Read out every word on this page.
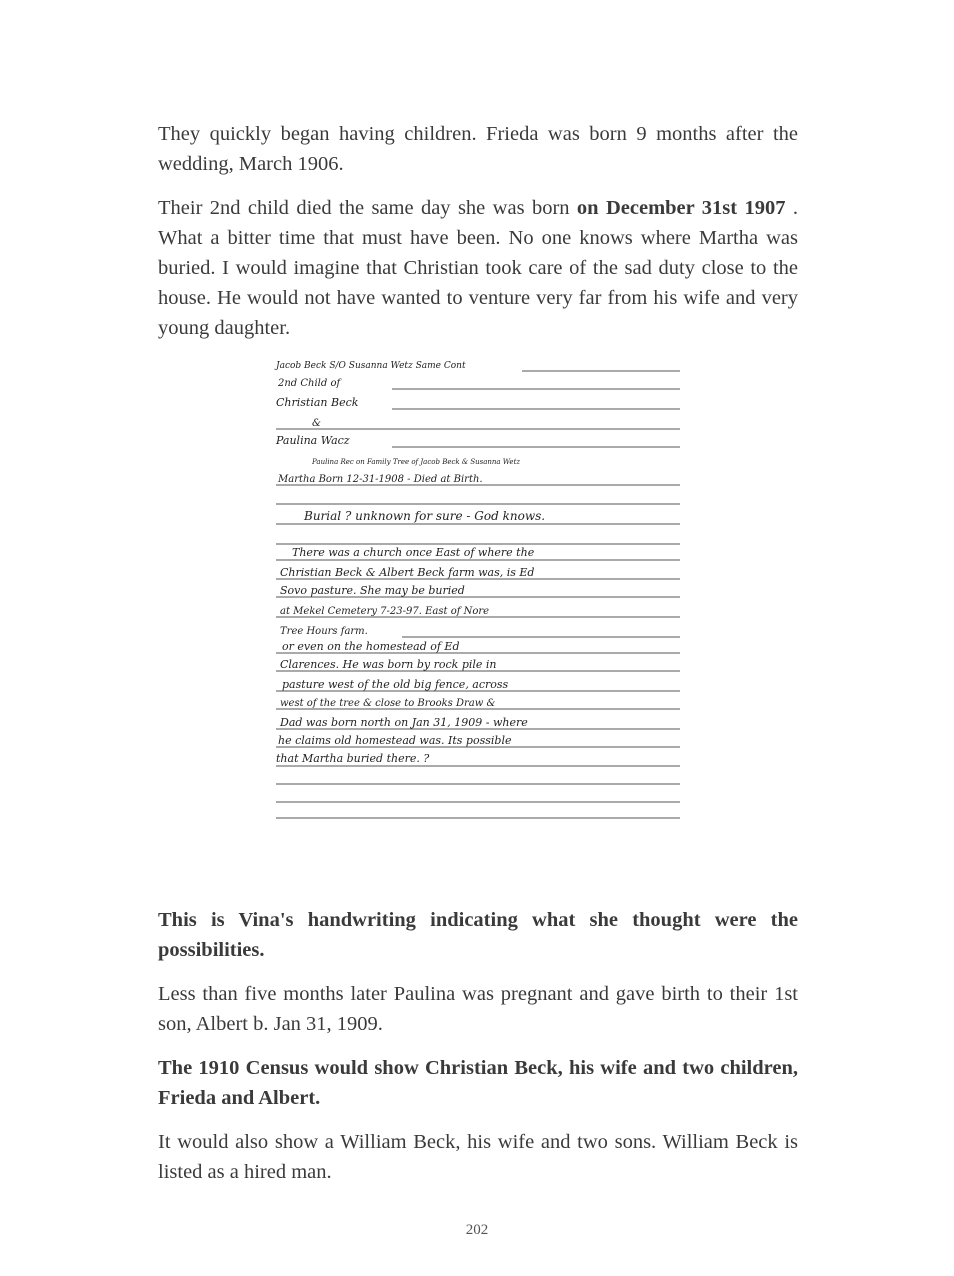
They quickly began having children. Frieda was born 9 months after the wedding, March 1906.

Their 2nd child died the same day she was born on December 31st 1907 . What a bitter time that must have been. No one knows where Martha was buried. I would imagine that Christian took care of the sad duty close to the house. He would not have wanted to venture very far from his wife and very young daughter.

This is Vina's handwriting indicating what she thought were the possibilities.

Less than five months later Paulina was pregnant and gave birth to their 1st son, Albert b. Jan 31, 1909.

The 1910 Census would show Christian Beck, his wife and two children, Frieda and Albert.

It would also show a William Beck, his wife and two sons. William Beck is listed as a hired man.

Jacob Beck S/O Susanna Wetz Same Cont
2nd Child of
Christian Beck
&
Paulina Wacz
Paulina Rec on Family Tree of Jacob Beck & Susanna Wetz
Martha Born 12-31-1908 - Died at Birth.
Burial ? unknown for sure - God knows.
There was a church once East of where the
Christian Beck & Albert Beck farm was, is Ed
Sovo pasture. She may be buried
at Mekel Cemetery 7-23-97. East of Nore
Tree Hours farm.
or even on the homestead of Ed
Clarences. He was born by rock pile in
pasture west of the old big fence, across
west of the tree & close to Brooks Draw &
Dad was born north on Jan 31, 1909 - where
he claims old homestead was. Its possible
that Martha buried there. ?
202
